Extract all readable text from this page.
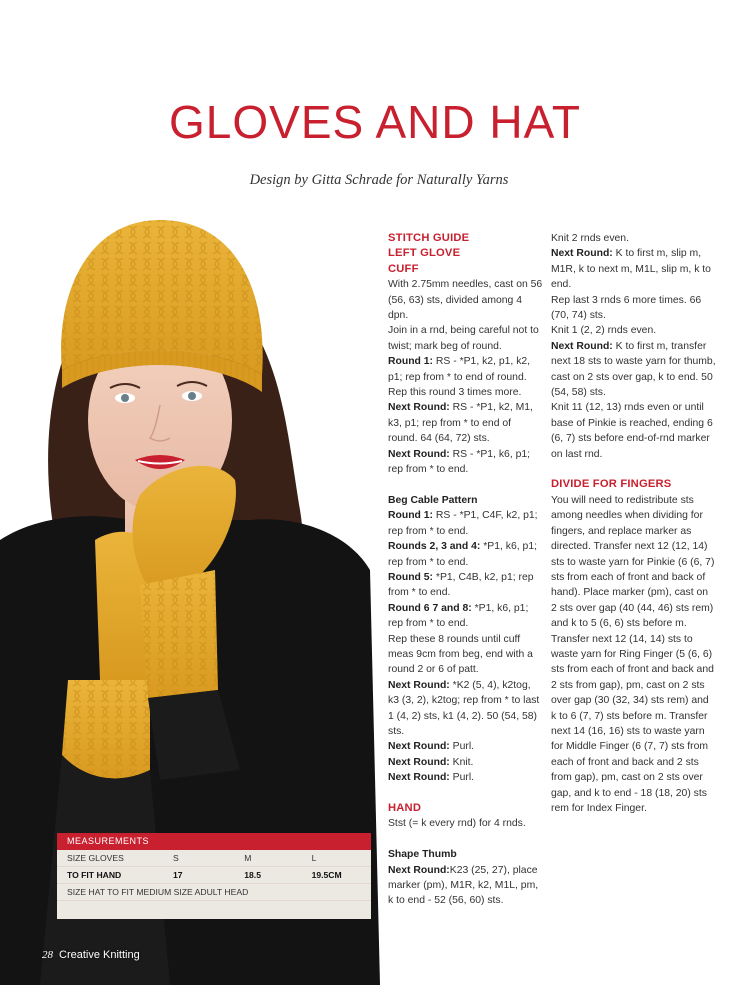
GLOVES AND HAT
Design by Gitta Schrade for Naturally Yarns
MEASUREMENTS
SIZE GLOVES	S	M	L
TO FIT HAND	17	18.5	19.5CM
SIZE HAT TO FIT MEDIUM SIZE ADULT HEAD
28 Creative Knitting

STITCH GUIDE

LEFT GLOVE

CUFF

With 2.75mm needles, cast on 56 (56, 63) sts, divided among 4 dpn.

Join in a rnd, being careful not to twist; mark beg of round.

Round 1: RS - *P1, k2, p1, k2, p1; rep from * to end of round.

Rep this round 3 times more.

Next Round: RS - *P1, k2, M1, k3, p1; rep from * to end of round. 64 (64, 72) sts.

Next Round: RS - *P1, k6, p1; rep from * to end.

Beg Cable Pattern

Round 1: RS - *P1, C4F, k2, p1; rep from * to end.

Rounds 2, 3 and 4: *P1, k6, p1; rep from * to end.

Round 5: *P1, C4B, k2, p1; rep from * to end.

Round 6 7 and 8: *P1, k6, p1; rep from * to end.

Rep these 8 rounds until cuff meas 9cm from beg, end with a round 2 or 6 of patt.

Next Round: *K2 (5, 4), k2tog, k3 (3, 2), k2tog; rep from * to last 1 (4, 2) sts, k1 (4, 2). 50 (54, 58) sts.

Next Round: Purl.

Next Round: Knit.

Next Round: Purl.

HAND

Stst (= k every rnd) for 4 rnds.

Shape Thumb

Next Round:K23 (25, 27), place marker (pm), M1R, k2, M1L, pm, k to end - 52 (56, 60) sts.

Knit 2 rnds even.

Next Round: K to first m, slip m, M1R, k to next m, M1L, slip m, k to end.

Rep last 3 rnds 6 more times. 66 (70, 74) sts.

Knit 1 (2, 2) rnds even.

Next Round: K to first m, transfer next 18 sts to waste yarn for thumb, cast on 2 sts over gap, k to end. 50 (54, 58) sts.

Knit 11 (12, 13) rnds even or until base of Pinkie is reached, ending 6 (6, 7) sts before end-of-rnd marker on last rnd.

DIVIDE FOR FINGERS

You will need to redistribute sts among needles when dividing for fingers, and replace marker as directed. Transfer next 12 (12, 14) sts to waste yarn for Pinkie (6 (6, 7) sts from each of front and back of hand). Place marker (pm), cast on 2 sts over gap (40 (44, 46) sts rem) and k to 5 (6, 6) sts before m. Transfer next 12 (14, 14) sts to waste yarn for Ring Finger (5 (6, 6) sts from each of front and back and 2 sts from gap), pm, cast on 2 sts over gap (30 (32, 34) sts rem) and k to 6 (7, 7) sts before m. Transfer next 14 (16, 16) sts to waste yarn for Middle Finger (6 (7, 7) sts from each of front and back and 2 sts from gap), pm, cast on 2 sts over gap, and k to end - 18 (18, 20) sts rem for Index Finger.
